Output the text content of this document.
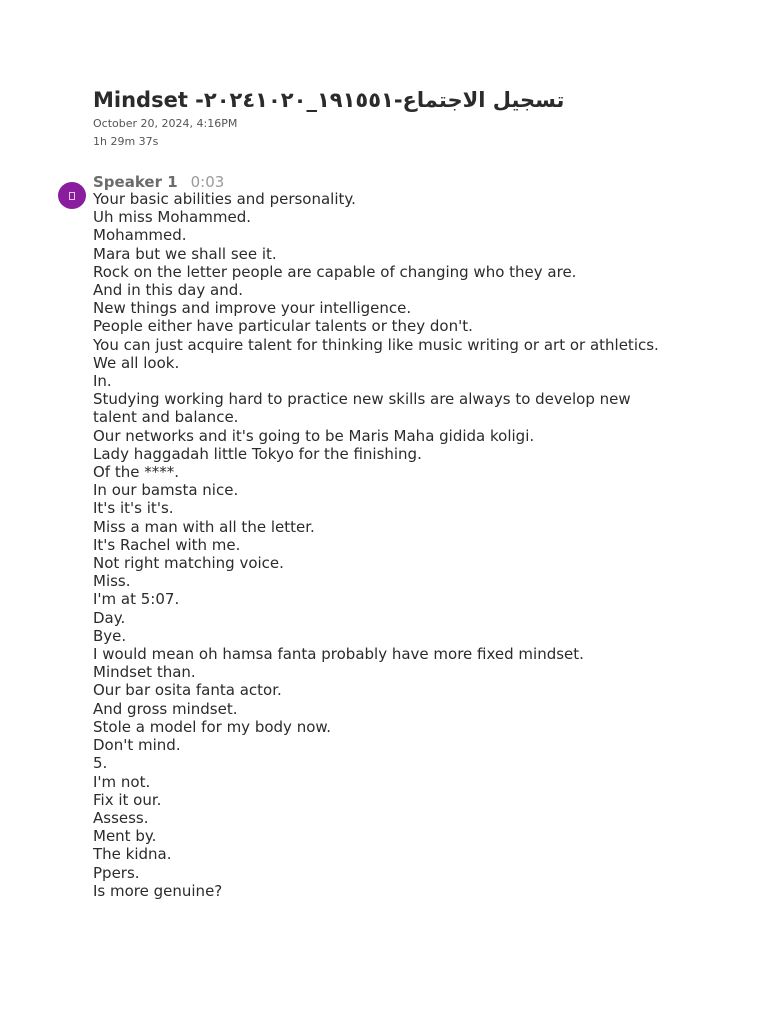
Mindset -تسجيل الاجتماع-١٩١٥٥١_٢٠٢٤١٠٢٠
October 20, 2024, 4:16PM
1h 29m 37s
Speaker 1 0:03
Your basic abilities and personality.
Uh miss Mohammed.
Mohammed.
Mara but we shall see it.
Rock on the letter people are capable of changing who they are.
And in this day and.
New things and improve your intelligence.
People either have particular talents or they don't.
You can just acquire talent for thinking like music writing or art or athletics.
We all look.
In.
Studying working hard to practice new skills are always to develop new talent and balance.
Our networks and it's going to be Maris Maha gidida koligi.
Lady haggadah little Tokyo for the finishing.
Of the ****.
In our bamsta nice.
It's it's it's.
Miss a man with all the letter.
It's Rachel with me.
Not right matching voice.
Miss.
I'm at 5:07.
Day.
Bye.
I would mean oh hamsa fanta probably have more fixed mindset.
Mindset than.
Our bar osita fanta actor.
And gross mindset.
Stole a model for my body now.
Don't mind.
5.
I'm not.
Fix it our.
Assess.
Ment by.
The kidna.
Ppers.
Is more genuine?
